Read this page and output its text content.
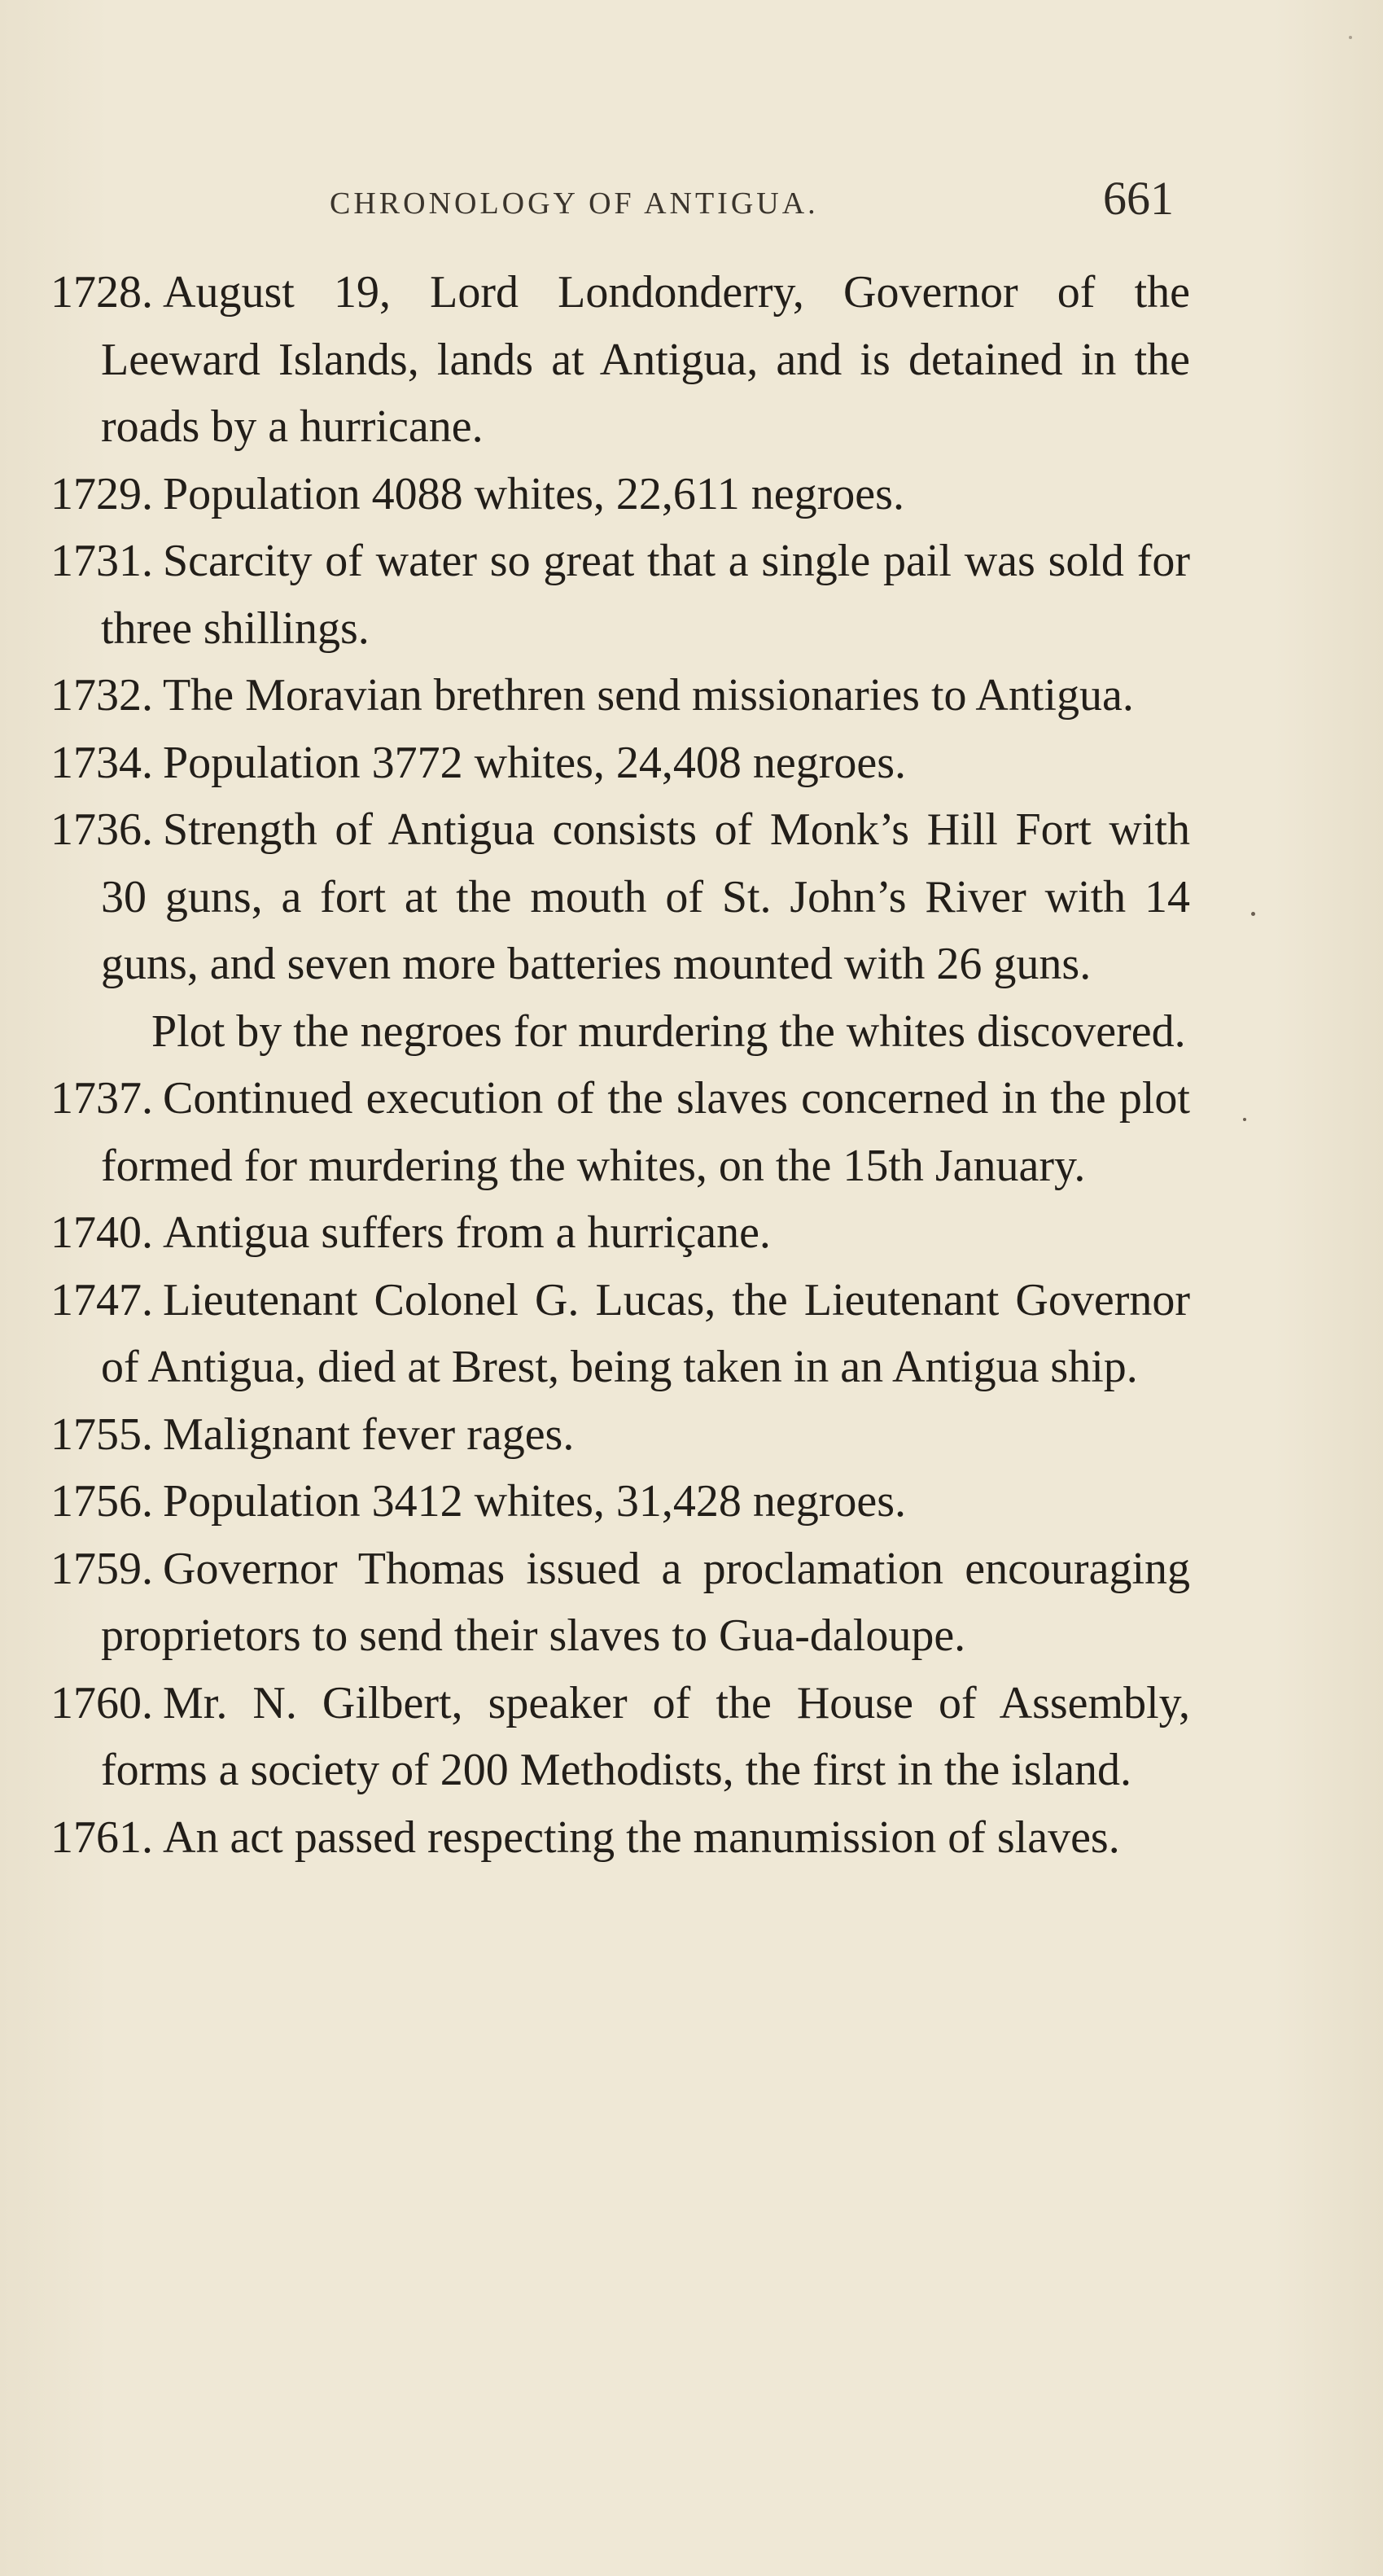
CHRONOLOGY OF ANTIGUA.	661

1728 . August 19, Lord Londonderry, Governor of the Leeward Islands, lands at Antigua, and is detained in the roads by a hurricane.

1729 . Population 4088 whites, 22,611 negroes.

1731 . Scarcity of water so great that a single pail was sold for three shillings.

1732 . The Moravian brethren send missionaries to Antigua.

1734 . Population 3772 whites, 24,408 negroes.

1736 . Strength of Antigua consists of Monk’s Hill Fort with 30 guns, a fort at the mouth of St. John’s River with 14 guns, and seven more batteries mounted with 26 guns.
Plot by the negroes for murdering the whites discovered.

1737 . Continued execution of the slaves concerned in the plot formed for murdering the whites, on the 15th January.

1740 . Antigua suffers from a hurriçane.

1747 . Lieutenant Colonel G. Lucas, the Lieutenant Governor of Antigua, died at Brest, being taken in an Antigua ship.

1755 . Malignant fever rages.

1756 . Population 3412 whites, 31,428 negroes.

1759 . Governor Thomas issued a proclamation encouraging proprietors to send their slaves to Gua-daloupe.

1760 . Mr. N. Gilbert, speaker of the House of Assembly, forms a society of 200 Methodists, the first in the island.

1761 . An act passed respecting the manumission of slaves.
